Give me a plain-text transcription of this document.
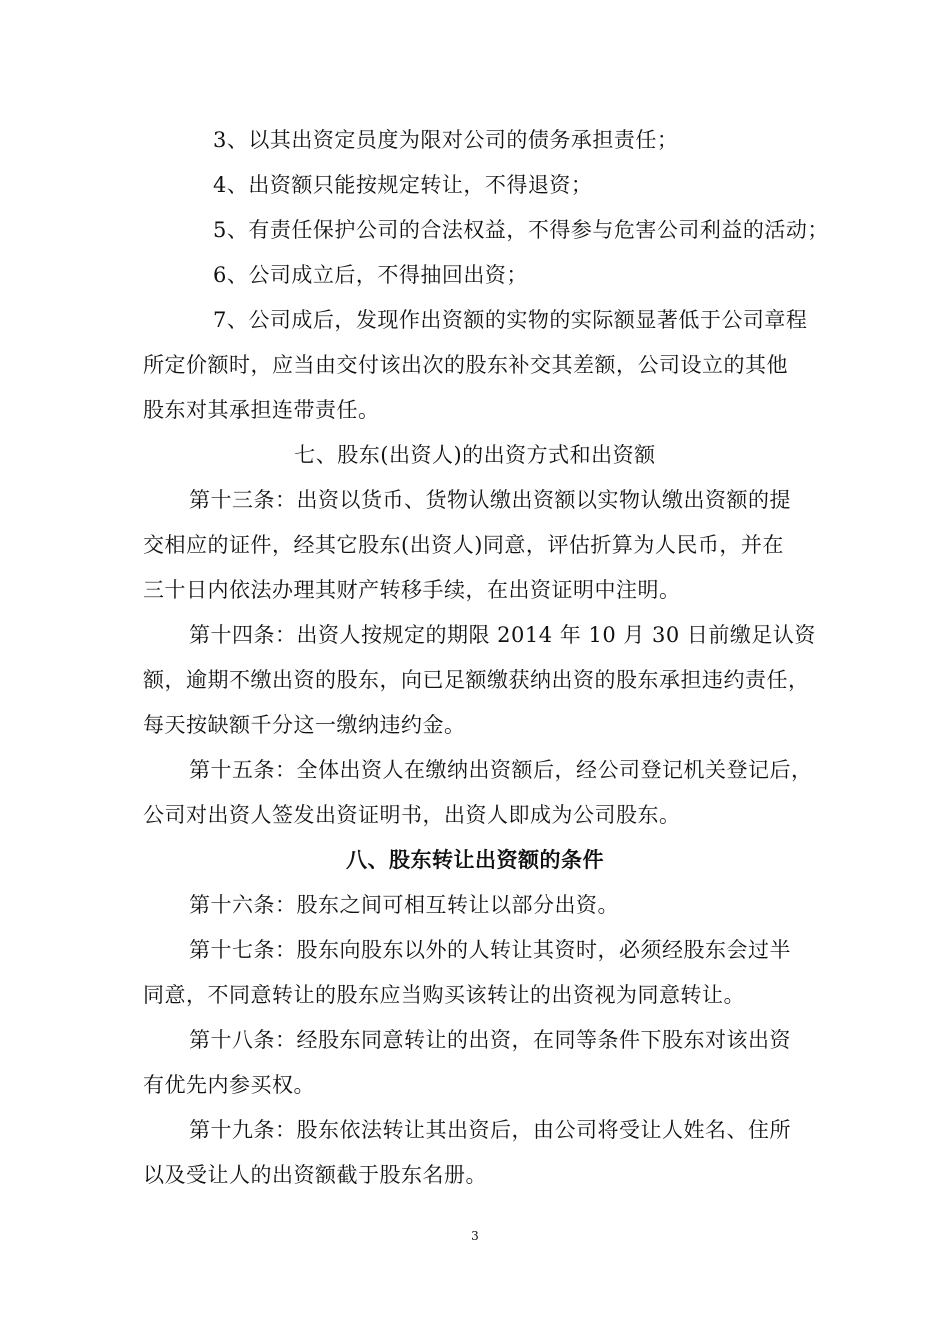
3、以其出资定员度为限对公司的债务承担责任；
4、出资额只能按规定转让，不得退资；
5、有责任保护公司的合法权益，不得参与危害公司利益的活动；
6、公司成立后，不得抽回出资；
7、公司成后，发现作出资额的实物的实际额显著低于公司章程
所定价额时，应当由交付该出次的股东补交其差额，公司设立的其他
股东对其承担连带责任。
七、股东(出资人)的出资方式和出资额
第十三条：出资以货币、货物认缴出资额以实物认缴出资额的提
交相应的证件，经其它股东(出资人)同意，评估折算为人民币，并在
三十日内依法办理其财产转移手续，在出资证明中注明。
第十四条：出资人按规定的期限 2014 年 10 月 30 日前缴足认资
额，逾期不缴出资的股东，向已足额缴获纳出资的股东承担违约责任，
每天按缺额千分这一缴纳违约金。
第十五条：全体出资人在缴纳出资额后，经公司登记机关登记后，
公司对出资人签发出资证明书，出资人即成为公司股东。
八、股东转让出资额的条件
第十六条：股东之间可相互转让以部分出资。
第十七条：股东向股东以外的人转让其资时，必须经股东会过半
同意，不同意转让的股东应当购买该转让的出资视为同意转让。
第十八条：经股东同意转让的出资，在同等条件下股东对该出资
有优先内参买权。
第十九条：股东依法转让其出资后，由公司将受让人姓名、住所
以及受让人的出资额截于股东名册。
3
